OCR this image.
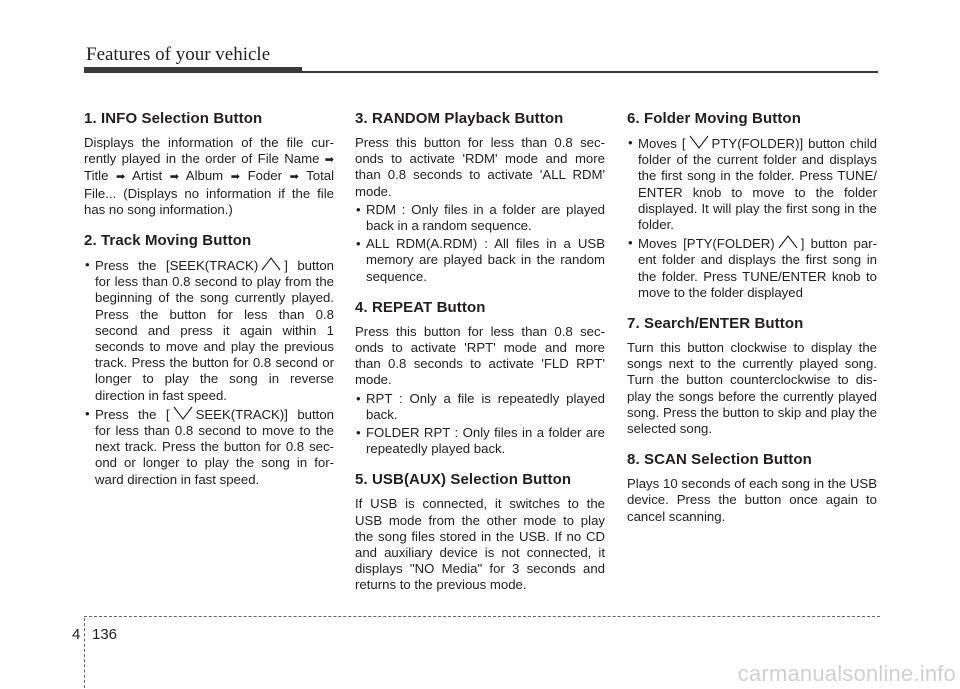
Features of your vehicle
1. INFO Selection Button

Displays the information of the file cur-rently played in the order of File Name ➡ Title ➡ Artist ➡ Album ➡ Foder ➡ Total File... (Displays no information if the file has no song information.)

2. Track Moving Button
• Press the [SEEK(TRACK) ] button for less than 0.8 second to play from the beginning of the song currently played. Press the button for less than 0.8 second and press it again within 1 seconds to move and play the previous track. Press the button for 0.8 second or longer to play the song in reverse direction in fast speed.
• Press the [ SEEK(TRACK)] button for less than 0.8 second to move to the next track. Press the button for 0.8 sec-ond or longer to play the song in for-ward direction in fast speed.
3. RANDOM Playback Button

Press this button for less than 0.8 sec-onds to activate 'RDM' mode and more than 0.8 seconds to activate 'ALL RDM' mode.

• RDM : Only files in a folder are played back in a random sequence.
• ALL RDM(A.RDM) : All files in a USB memory are played back in the random sequence.
4. REPEAT Button

Press this button for less than 0.8 sec-onds to activate 'RPT' mode and more than 0.8 seconds to activate 'FLD RPT' mode.

• RPT : Only a file is repeatedly played back.
• FOLDER RPT : Only files in a folder are repeatedly played back.
5. USB(AUX) Selection Button

If USB is connected, it switches to the USB mode from the other mode to play the song files stored in the USB. If no CD and auxiliary device is not connected, it displays "NO Media" for 3 seconds and returns to the previous mode.

6. Folder Moving Button
• Moves [ PTY(FOLDER)] button child folder of the current folder and displays the first song in the folder. Press TUNE/ ENTER knob to move to the folder displayed. It will play the first song in the folder.
• Moves [PTY(FOLDER) ] button par-ent folder and displays the first song in the folder. Press TUNE/ENTER knob to move to the folder displayed
7. Search/ENTER Button

Turn this button clockwise to display the songs next to the currently played song. Turn the button counterclockwise to dis-play the songs before the currently played song. Press the button to skip and play the selected song.

8. SCAN Selection Button

Plays 10 seconds of each song in the USB device. Press the button once again to cancel scanning.

4 136
carmanualsonline.info
